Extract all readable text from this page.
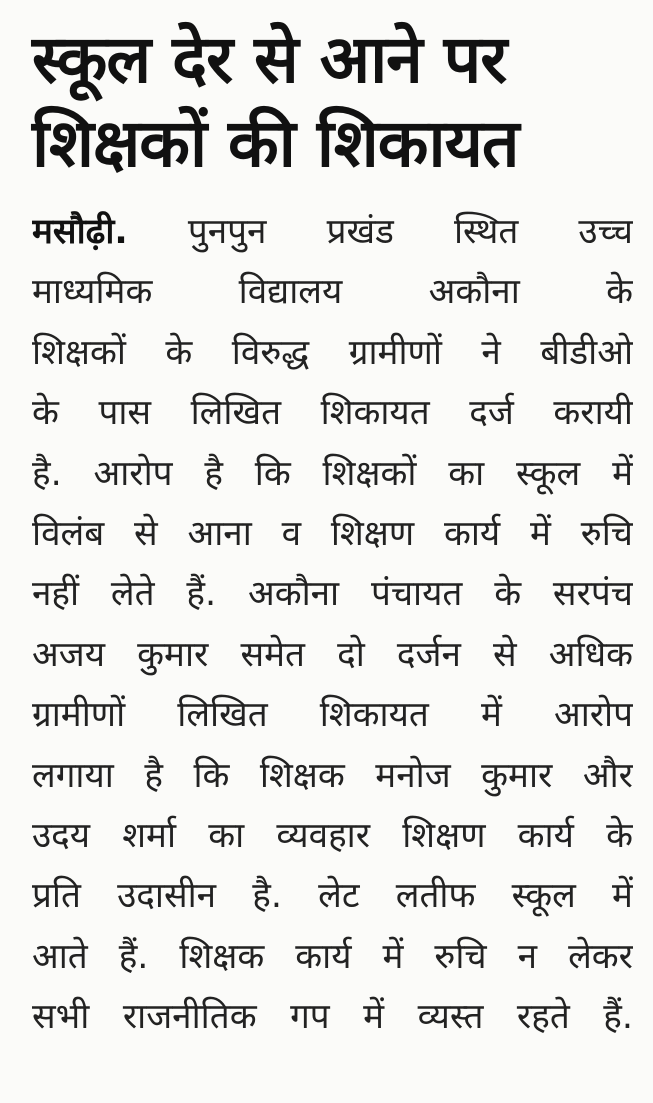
स्कूल देर से आने पर
शिक्षकों की शिकायत
मसौढ़ी. पुनपुन प्रखंड स्थित उच्च
माध्यमिक विद्यालय अकौना के
शिक्षकों के विरुद्ध ग्रामीणों ने बीडीओ
के पास लिखित शिकायत दर्ज करायी
है. आरोप है कि शिक्षकों का स्कूल में
विलंब से आना व शिक्षण कार्य में रुचि
नहीं लेते हैं. अकौना पंचायत के सरपंच
अजय कुमार समेत दो दर्जन से अधिक
ग्रामीणों लिखित शिकायत में आरोप
लगाया है कि शिक्षक मनोज कुमार और
उदय शर्मा का व्यवहार शिक्षण कार्य के
प्रति उदासीन है. लेट लतीफ स्कूल में
आते हैं. शिक्षक कार्य में रुचि न लेकर
सभी राजनीतिक गप में व्यस्त रहते हैं.
